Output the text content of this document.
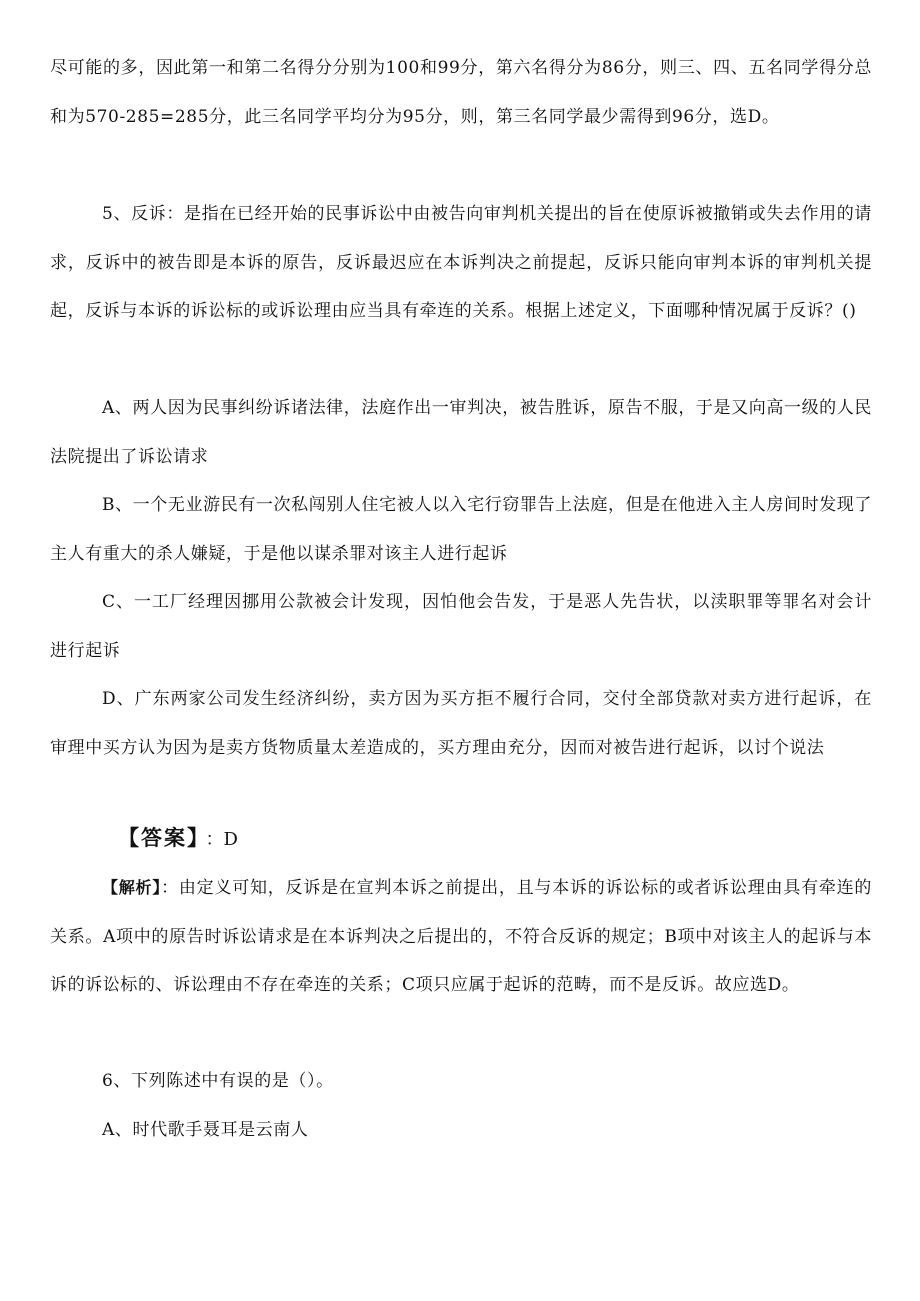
尽可能的多，因此第一和第二名得分分别为100和99分，第六名得分为86分，则三、四、五名同学得分总和为570-285=285分，此三名同学平均分为95分，则，第三名同学最少需得到96分，选D。

5、反诉：是指在已经开始的民事诉讼中由被告向审判机关提出的旨在使原诉被撤销或失去作用的请求，反诉中的被告即是本诉的原告，反诉最迟应在本诉判决之前提起，反诉只能向审判本诉的审判机关提起，反诉与本诉的诉讼标的或诉讼理由应当具有牵连的关系。根据上述定义，下面哪种情况属于反诉？()

A、两人因为民事纠纷诉诸法律，法庭作出一审判决，被告胜诉，原告不服，于是又向高一级的人民法院提出了诉讼请求

B、一个无业游民有一次私闯别人住宅被人以入宅行窃罪告上法庭，但是在他进入主人房间时发现了主人有重大的杀人嫌疑，于是他以谋杀罪对该主人进行起诉

C、一工厂经理因挪用公款被会计发现，因怕他会告发，于是恶人先告状，以渎职罪等罪名对会计进行起诉

D、广东两家公司发生经济纠纷，卖方因为买方拒不履行合同，交付全部贷款对卖方进行起诉，在审理中买方认为因为是卖方货物质量太差造成的，买方理由充分，因而对被告进行起诉，以讨个说法

【答案】 ：D

【解析】：由定义可知，反诉是在宣判本诉之前提出，且与本诉的诉讼标的或者诉讼理由具有牵连的关系。A项中的原告时诉讼请求是在本诉判决之后提出的，不符合反诉的规定；B项中对该主人的起诉与本诉的诉讼标的、诉讼理由不存在牵连的关系；C项只应属于起诉的范畴，而不是反诉。故应选D。

6、下列陈述中有误的是（）。

A、时代歌手聂耳是云南人
